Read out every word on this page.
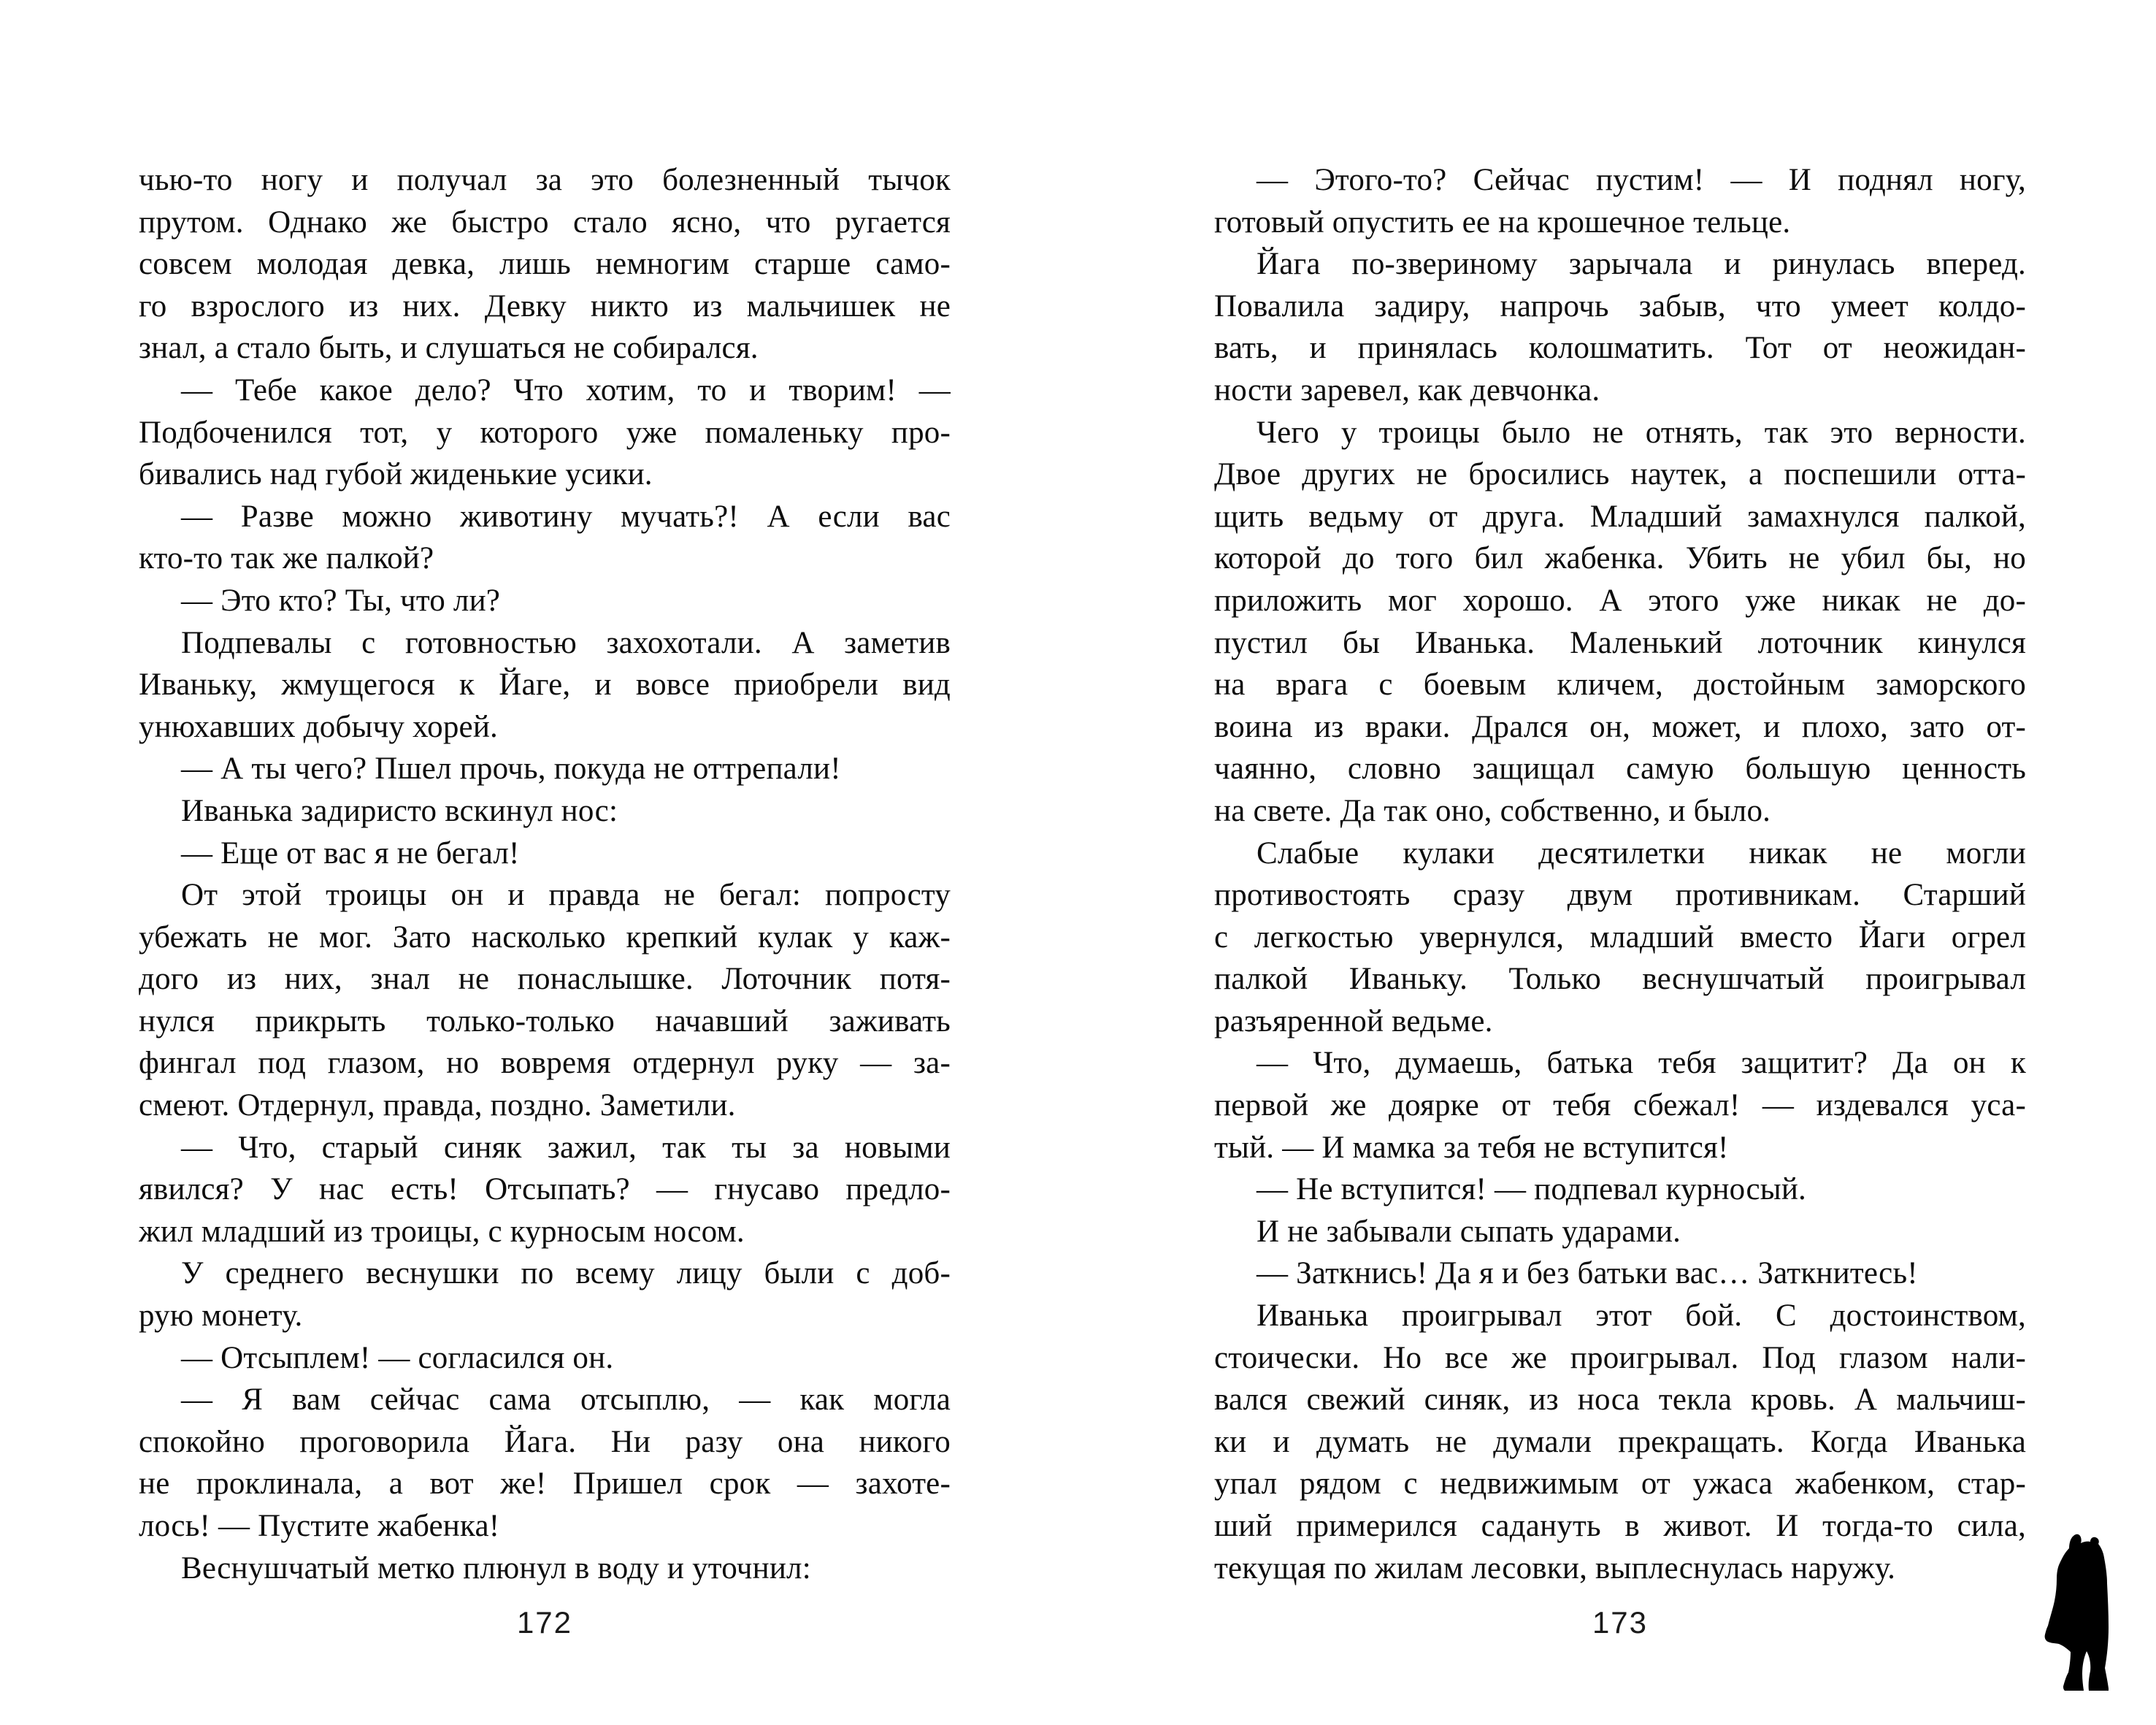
чью-то ногу и получал за это болезненный тычок
прутом. Однако же быстро стало ясно, что ругается
совсем молодая девка, лишь немногим старше само-
го взрослого из них. Девку никто из мальчишек не
знал, а стало быть, и слушаться не собирался.
— Тебе какое дело? Что хотим, то и творим! —
Подбоченился тот, у которого уже помаленьку про-
бивались над губой жиденькие усики.
— Разве можно животину мучать?! А если вас
кто-то так же палкой?
— Это кто? Ты, что ли?
Подпевалы с готовностью захохотали. А заметив
Иваньку, жмущегося к Йаге, и вовсе приобрели вид
унюхавших добычу хорей.
— А ты чего? Пшел прочь, покуда не оттрепали!
Иванька задиристо вскинул нос:
— Еще от вас я не бегал!
От этой троицы он и правда не бегал: попросту
убежать не мог. Зато насколько крепкий кулак у каж-
дого из них, знал не понаслышке. Лоточник потя-
нулся прикрыть только-только начавший заживать
фингал под глазом, но вовремя отдернул руку — за-
смеют. Отдернул, правда, поздно. Заметили.
— Что, старый синяк зажил, так ты за новыми
явился? У нас есть! Отсыпать? — гнусаво предло-
жил младший из троицы, с курносым носом.
У среднего веснушки по всему лицу были с доб-
рую монету.
— Отсыплем! — согласился он.
— Я вам сейчас сама отсыплю, — как могла
спокойно проговорила Йага. Ни разу она никого
не проклинала, а вот же! Пришел срок — захоте-
лось! — Пустите жабенка!
Веснушчатый метко плюнул в воду и уточнил:
— Этого-то? Сейчас пустим! — И поднял ногу,
готовый опустить ее на крошечное тельце.
Йага по-звериному зарычала и ринулась вперед.
Повалила задиру, напрочь забыв, что умеет колдо-
вать, и принялась колошматить. Тот от неожидан-
ности заревел, как девчонка.
Чего у троицы было не отнять, так это верности.
Двое других не бросились наутек, а поспешили отта-
щить ведьму от друга. Младший замахнулся палкой,
которой до того бил жабенка. Убить не убил бы, но
приложить мог хорошо. А этого уже никак не до-
пустил бы Иванька. Маленький лоточник кинулся
на врага с боевым кличем, достойным заморского
воина из враки. Дрался он, может, и плохо, зато от-
чаянно, словно защищал самую большую ценность
на свете. Да так оно, собственно, и было.
Слабые кулаки десятилетки никак не могли
противостоять сразу двум противникам. Старший
с легкостью увернулся, младший вместо Йаги огрел
палкой Иваньку. Только веснушчатый проигрывал
разъяренной ведьме.
— Что, думаешь, батька тебя защитит? Да он к
первой же доярке от тебя сбежал! — издевался уса-
тый. — И мамка за тебя не вступится!
— Не вступится! — подпевал курносый.
И не забывали сыпать ударами.
— Заткнись! Да я и без батьки вас… Заткнитесь!
Иванька проигрывал этот бой. С достоинством,
стоически. Но все же проигрывал. Под глазом нали-
вался свежий синяк, из носа текла кровь. А мальчиш-
ки и думать не думали прекращать. Когда Иванька
упал рядом с недвижимым от ужаса жабенком, стар-
ший примерился садануть в живот. И тогда-то сила,
текущая по жилам лесовки, выплеснулась наружу.
172	173
